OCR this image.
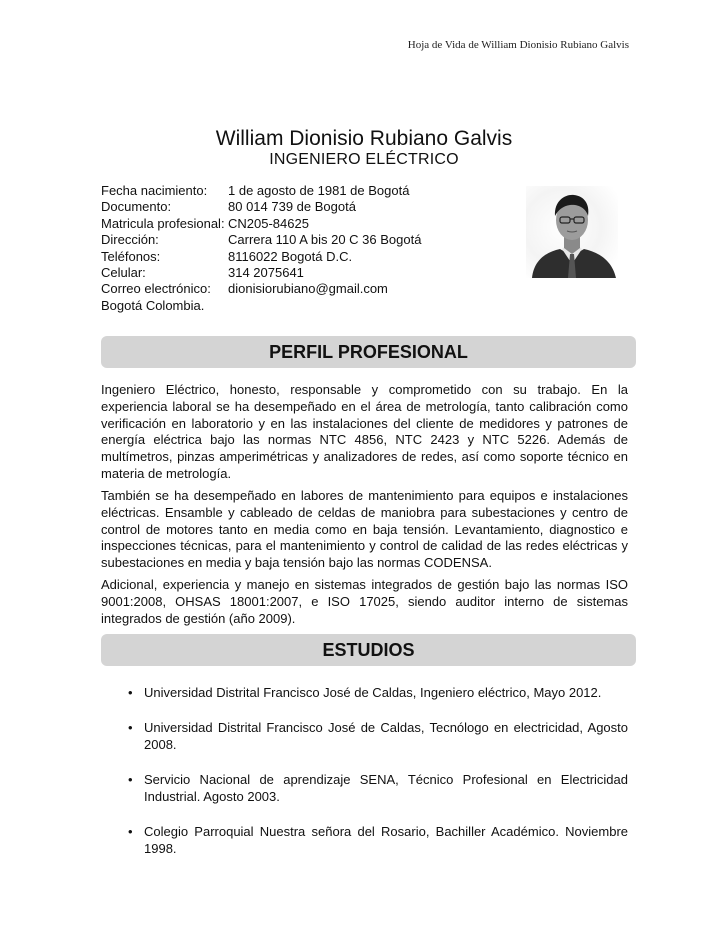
Hoja de Vida de William Dionisio Rubiano Galvis
William Dionisio Rubiano Galvis
INGENIERO ELÉCTRICO
Fecha nacimiento:	1 de agosto de 1981 de Bogotá
Documento:	80 014 739 de Bogotá
Matricula profesional: CN205-84625
Dirección:	Carrera 110 A bis 20 C 36 Bogotá
Teléfonos:	8116022 Bogotá D.C.
Celular:	314 2075641
Correo electrónico:	dionisiorubiano@gmail.com
Bogotá Colombia.
PERFIL PROFESIONAL

Ingeniero Eléctrico, honesto, responsable y comprometido con su trabajo. En la experiencia laboral se ha desempeñado en el área de metrología, tanto calibración como verificación en laboratorio y en las instalaciones del cliente de medidores y patrones de energía eléctrica bajo las normas NTC 4856, NTC 2423 y NTC 5226. Además de multímetros, pinzas amperimétricas y analizadores de redes, así como soporte técnico en materia de metrología.

También se ha desempeñado en labores de mantenimiento para equipos e instalaciones eléctricas. Ensamble y cableado de celdas de maniobra para subestaciones y centro de control de motores tanto en media como en baja tensión. Levantamiento, diagnostico e inspecciones técnicas, para el mantenimiento y control de calidad de las redes eléctricas y subestaciones en media y baja tensión bajo las normas CODENSA.

Adicional, experiencia y manejo en sistemas integrados de gestión bajo las normas ISO 9001:2008, OHSAS 18001:2007, e ISO 17025, siendo auditor interno de sistemas integrados de gestión (año 2009).

ESTUDIOS
• Universidad Distrital Francisco José de Caldas, Ingeniero eléctrico, Mayo 2012.
• Universidad Distrital Francisco José de Caldas, Tecnólogo en electricidad, Agosto 2008.
• Servicio Nacional de aprendizaje SENA, Técnico Profesional en Electricidad Industrial. Agosto 2003.
• Colegio Parroquial Nuestra señora del Rosario, Bachiller Académico. Noviembre 1998.
